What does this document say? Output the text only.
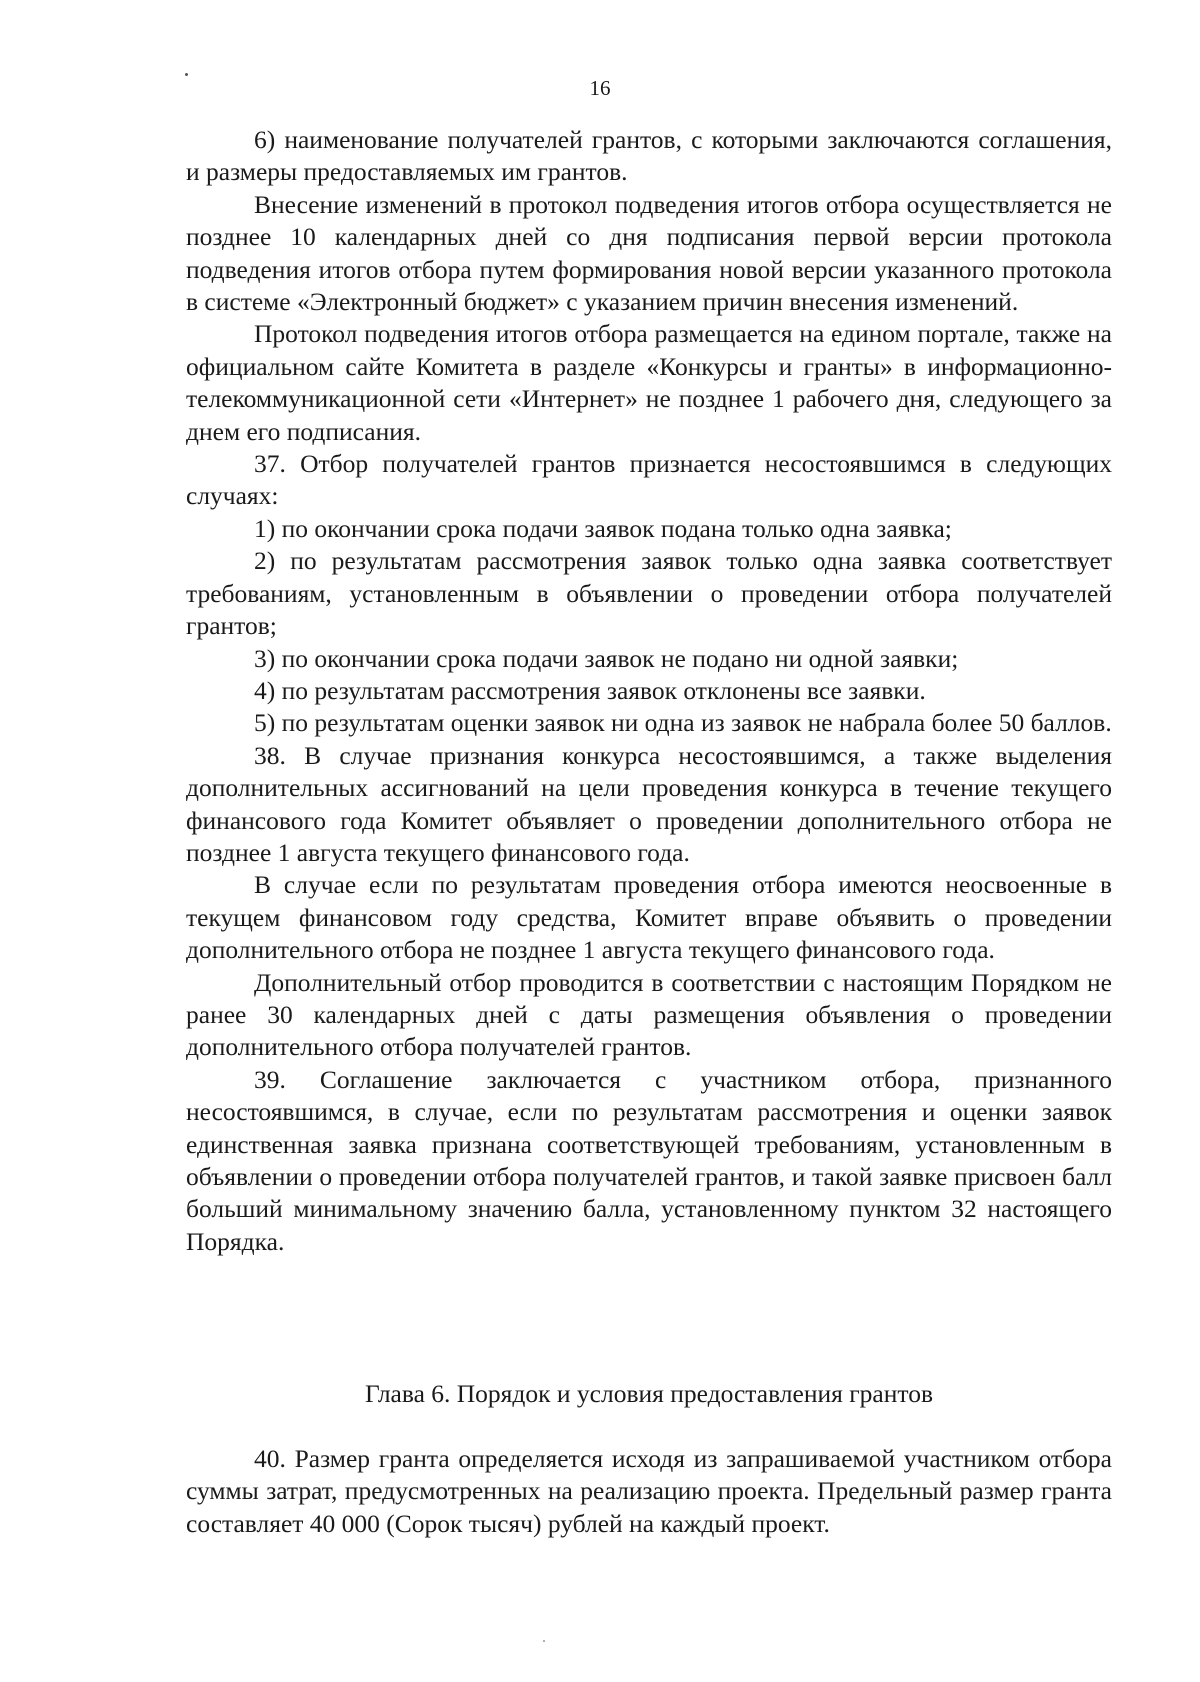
16

6) наименование получателей грантов, с которыми заключаются соглашения, и размеры предоставляемых им грантов.

Внесение изменений в протокол подведения итогов отбора осуществляется не позднее 10 календарных дней со дня подписания первой версии протокола подведения итогов отбора путем формирования новой версии указанного протокола в системе «Электронный бюджет» с указанием причин внесения изменений.

Протокол подведения итогов отбора размещается на едином портале, также на официальном сайте Комитета в разделе «Конкурсы и гранты» в информационно-телекоммуникационной сети «Интернет» не позднее 1 рабочего дня, следующего за днем его подписания.

37. Отбор получателей грантов признается несостоявшимся в следующих случаях:

1) по окончании срока подачи заявок подана только одна заявка;

2) по результатам рассмотрения заявок только одна заявка соответствует требованиям, установленным в объявлении о проведении отбора получателей грантов;

3) по окончании срока подачи заявок не подано ни одной заявки;

4) по результатам рассмотрения заявок отклонены все заявки.

5) по результатам оценки заявок ни одна из заявок не набрала более 50 баллов.

38. В случае признания конкурса несостоявшимся, а также выделения дополнительных ассигнований на цели проведения конкурса в течение текущего финансового года Комитет объявляет о проведении дополнительного отбора не позднее 1 августа текущего финансового года.

В случае если по результатам проведения отбора имеются неосвоенные в текущем финансовом году средства, Комитет вправе объявить о проведении дополнительного отбора не позднее 1 августа текущего финансового года.

Дополнительный отбор проводится в соответствии с настоящим Порядком не ранее 30 календарных дней с даты размещения объявления о проведении дополнительного отбора получателей грантов.

39. Соглашение заключается с участником отбора, признанного несостоявшимся, в случае, если по результатам рассмотрения и оценки заявок единственная заявка признана соответствующей требованиям, установленным в объявлении о проведении отбора получателей грантов, и такой заявке присвоен балл больший минимальному значению балла, установленному пунктом 32 настоящего Порядка.

Глава 6. Порядок и условия предоставления грантов

40. Размер гранта определяется исходя из запрашиваемой участником отбора суммы затрат, предусмотренных на реализацию проекта. Предельный размер гранта составляет 40 000 (Сорок тысяч) рублей на каждый проект.
